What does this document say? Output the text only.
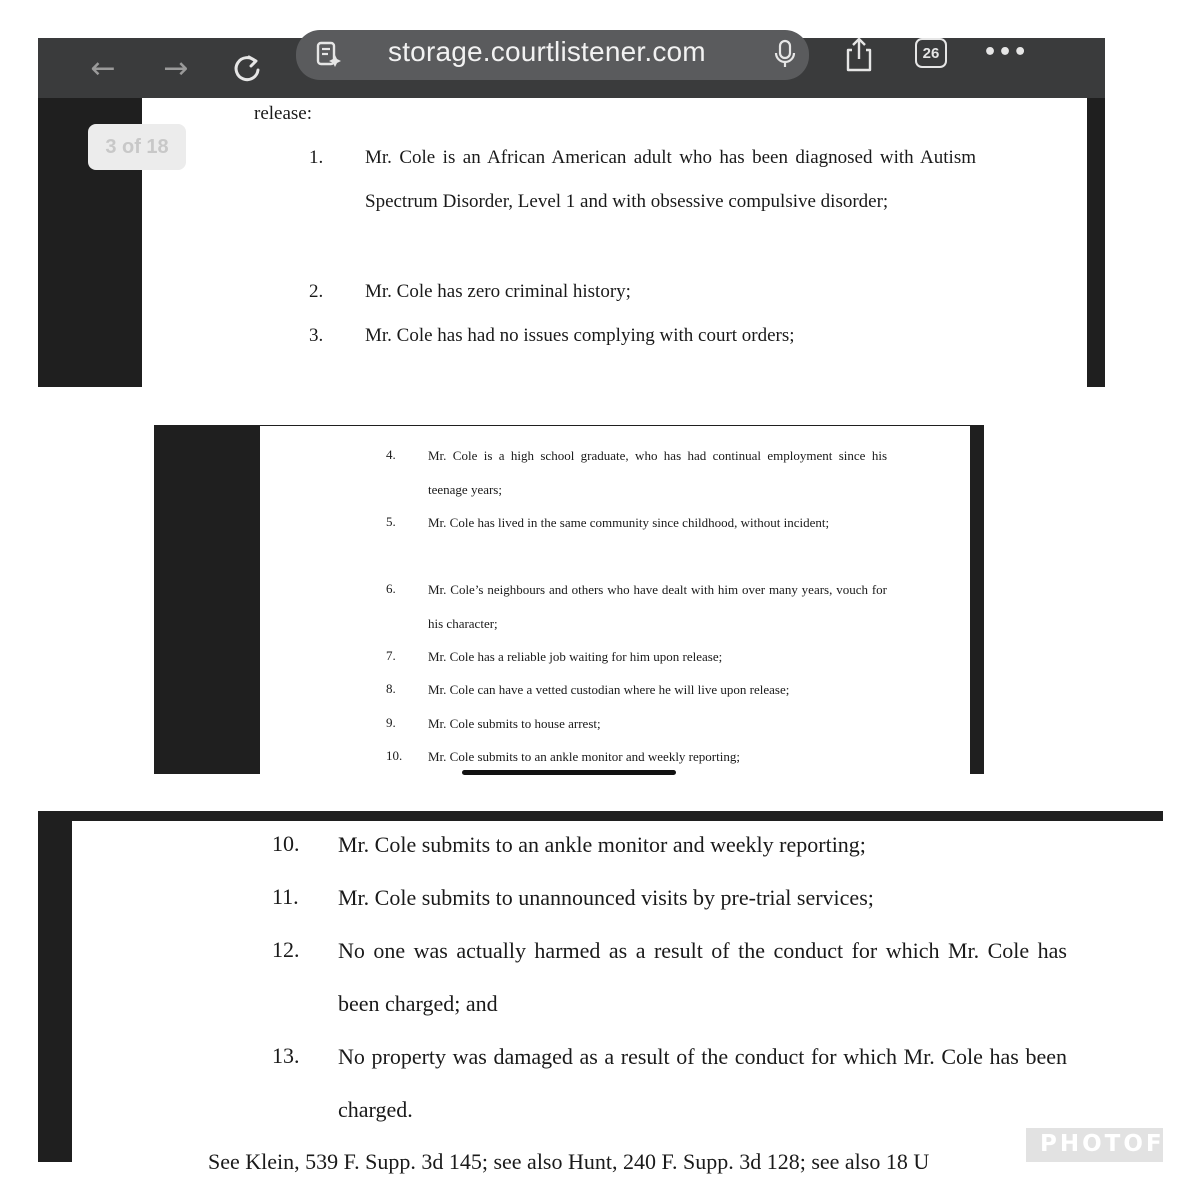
←	→	storage.courtlistener.com	26	•••
3 of 18
release:
1.	Mr. Cole is an African American adult who has been diagnosed with Autism Spectrum Disorder, Level 1 and with obsessive compulsive disorder;
2.	Mr. Cole has zero criminal history;
3.	Mr. Cole has had no issues complying with court orders;
4.	Mr. Cole is a high school graduate, who has had continual employment since his teenage years;
5.	Mr. Cole has lived in the same community since childhood, without incident;
6.	Mr. Cole’s neighbours and others who have dealt with him over many years, vouch for his character;
7.	Mr. Cole has a reliable job waiting for him upon release;
8.	Mr. Cole can have a vetted custodian where he will live upon release;
9.	Mr. Cole submits to house arrest;
10.	Mr. Cole submits to an ankle monitor and weekly reporting;
10.	Mr. Cole submits to an ankle monitor and weekly reporting;
11.	Mr. Cole submits to unannounced visits by pre-trial services;
12.	No one was actually harmed as a result of the conduct for which Mr. Cole has been charged; and
13.	No property was damaged as a result of the conduct for which Mr. Cole has been charged.
See Klein, 539 F. Supp. 3d 145; see also Hunt, 240 F. Supp. 3d 128; see also 18 U
PHOTOFY
